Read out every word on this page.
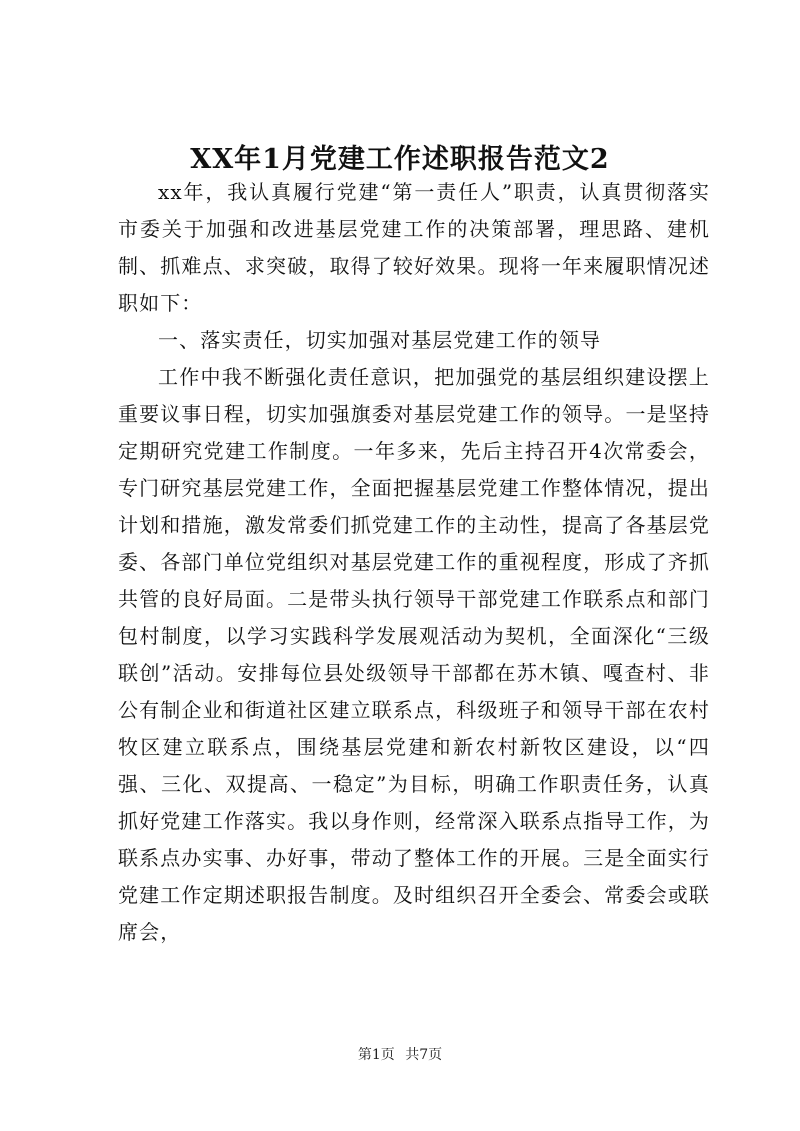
XX年1月党建工作述职报告范文2

xx年，我认真履行党建“第一责任人”职责，认真贯彻落实市委关于加强和改进基层党建工作的决策部署，理思路、建机制、抓难点、求突破，取得了较好效果。现将一年来履职情况述职如下：

一、落实责任，切实加强对基层党建工作的领导

工作中我不断强化责任意识，把加强党的基层组织建设摆上重要议事日程，切实加强旗委对基层党建工作的领导。一是坚持定期研究党建工作制度。一年多来，先后主持召开4次常委会，专门研究基层党建工作，全面把握基层党建工作整体情况，提出计划和措施，激发常委们抓党建工作的主动性，提高了各基层党委、各部门单位党组织对基层党建工作的重视程度，形成了齐抓共管的良好局面。二是带头执行领导干部党建工作联系点和部门包村制度，以学习实践科学发展观活动为契机，全面深化“三级联创”活动。安排每位县处级领导干部都在苏木镇、嘎查村、非公有制企业和街道社区建立联系点，科级班子和领导干部在农村牧区建立联系点，围绕基层党建和新农村新牧区建设，以“四强、三化、双提高、一稳定”为目标，明确工作职责任务，认真抓好党建工作落实。我以身作则，经常深入联系点指导工作，为联系点办实事、办好事，带动了整体工作的开展。三是全面实行党建工作定期述职报告制度。及时组织召开全委会、常委会或联席会，

第1页 共7页
